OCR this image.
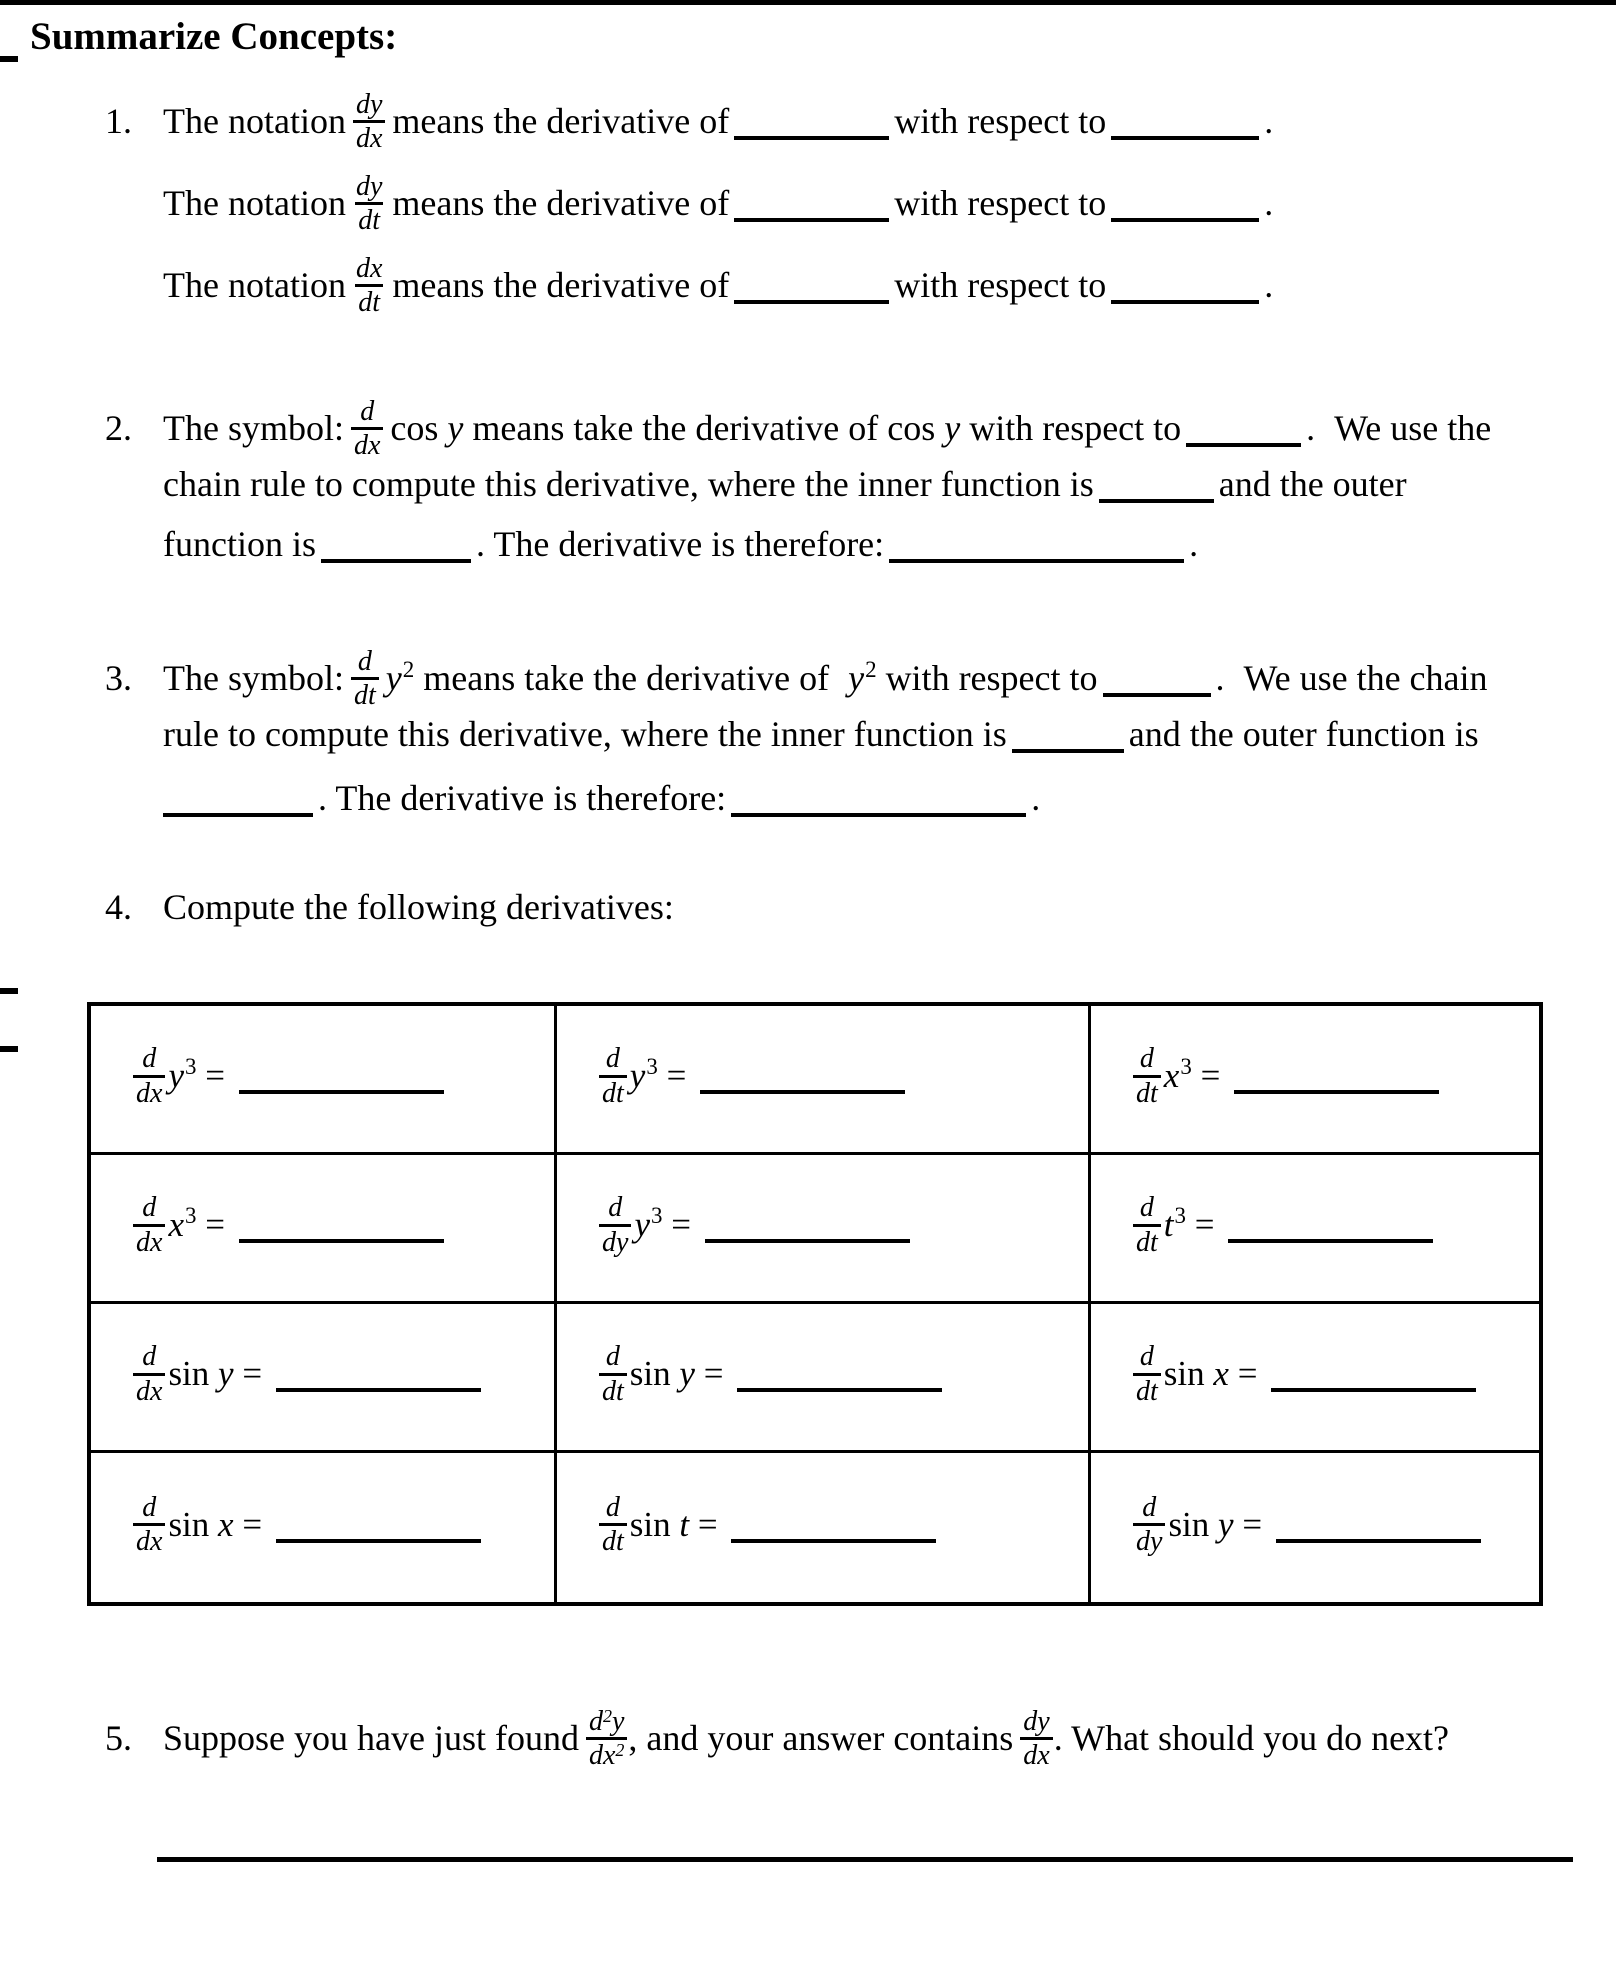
Summarize Concepts:
1. The notation $\frac{dy}{dx}$ means the derivative of	with respect to	.
The notation $\frac{dy}{dt}$ means the derivative of	with respect to	.
The notation $\frac{dx}{dt}$ means the derivative of	with respect to	.
2. The symbol: $\frac{d}{dx}$ cos y means take the derivative of cos y with respect to	. We use the
chain rule to compute this derivative, where the inner function is	and the outer
function is	. The derivative is therefore:	.
3. The symbol: $\frac{d}{dt} y^2$ means take the derivative of $y^2$ with respect to	. We use the chain
rule to compute this derivative, where the inner function is	and the outer function is
. The derivative is therefore:	.
4. Compute the following derivatives:
$\frac{d}{dx} y^3$ =	$\frac{d}{dt} y^3$ =	$\frac{d}{dt} x^3$ =
$\frac{d}{dx} x^3$ =	$\frac{d}{dy} y^3$ =	$\frac{d}{dt} t^3$ =
$\frac{d}{dx}$ sin y =	$\frac{d}{dt}$ sin y =	$\frac{d}{dt}$ sin x =
$\frac{d}{dx}$ sin x =	$\frac{d}{dt}$ sin t =	$\frac{d}{dy}$ sin y =
5. Suppose you have just found $\frac{d^2y}{dx^2}$ , and your answer contains $\frac{dy}{dx}$ . What should you do next?
